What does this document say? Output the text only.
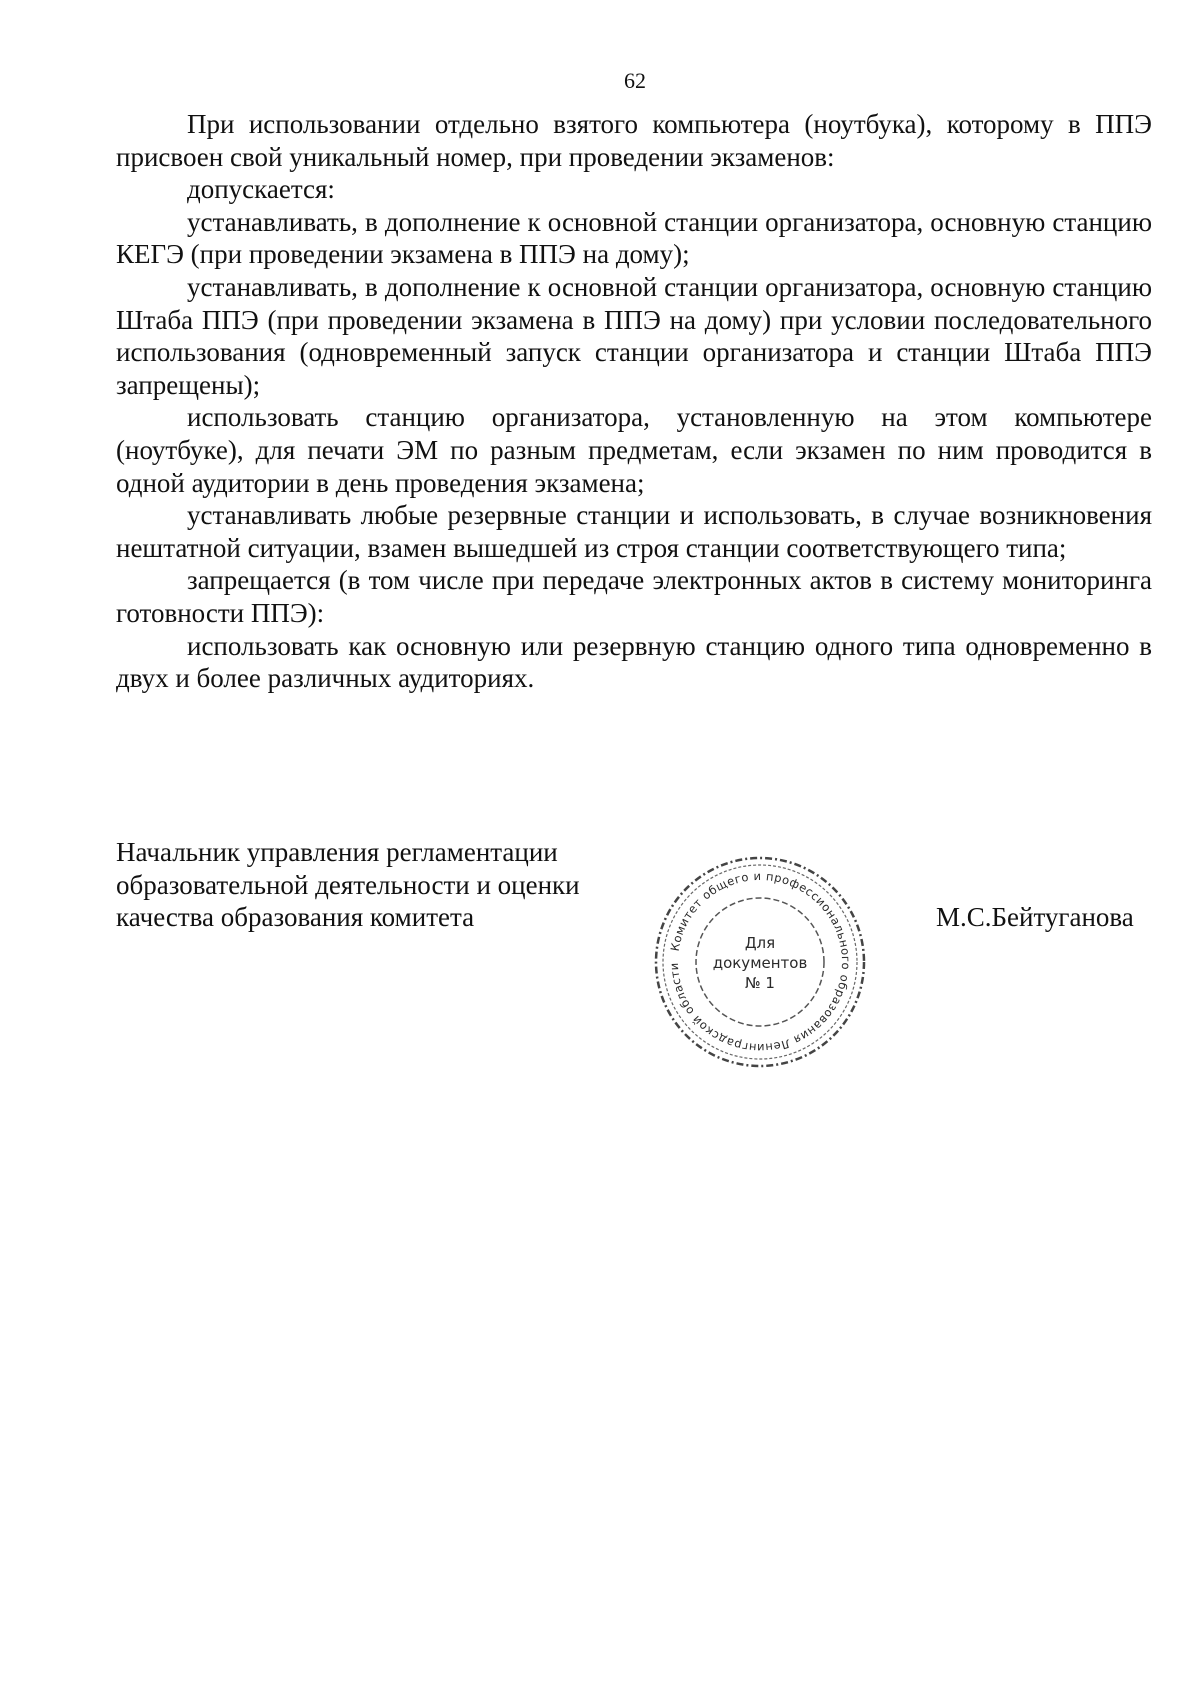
62

При использовании отдельно взятого компьютера (ноутбука), которому в ППЭ присвоен свой уникальный номер, при проведении экзаменов:

допускается:

устанавливать, в дополнение к основной станции организатора, основную станцию КЕГЭ (при проведении экзамена в ППЭ на дому);

устанавливать, в дополнение к основной станции организатора, основную станцию Штаба ППЭ (при проведении экзамена в ППЭ на дому) при условии последовательного использования (одновременный запуск станции организатора и станции Штаба ППЭ запрещены);

использовать станцию организатора, установленную на этом компьютере (ноутбуке), для печати ЭМ по разным предметам, если экзамен по ним проводится в одной аудитории в день проведения экзамена;

устанавливать любые резервные станции и использовать, в случае возникновения нештатной ситуации, взамен вышедшей из строя станции соответствующего типа;

запрещается (в том числе при передаче электронных актов в систему мониторинга готовности ППЭ):

использовать как основную или резервную станцию одного типа одновременно в двух и более различных аудиториях.

Начальник управления регламентации
образовательной деятельности и оценки
качества образования комитета
Комитет общего и профессионального образования Ленинградской области
Для
документов
№ 1
М.С.Бейтуганова
